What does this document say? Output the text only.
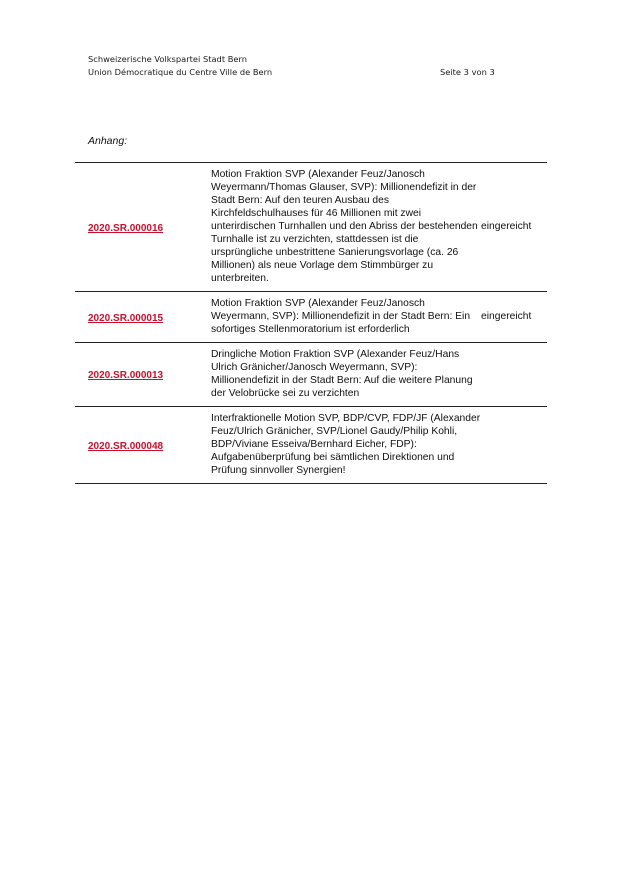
Schweizerische Volkspartei Stadt Bern
Union Démocratique du Centre Ville de Bern	Seite 3 von 3
Anhang:
2020.SR.000016	Motion Fraktion SVP (Alexander Feuz/Janosch Weyermann/Thomas Glauser, SVP): Millionendefizit in der Stadt Bern: Auf den teuren Ausbau des Kirchfeldschulhauses für 46 Millionen mit zwei unterirdischen Turnhallen und den Abriss der bestehenden Turnhalle ist zu verzichten, stattdessen ist die ursprüngliche unbestrittene Sanierungsvorlage (ca. 26 Millionen) als neue Vorlage dem Stimmbürger zu unterbreiten.	eingereicht
2020.SR.000015	Motion Fraktion SVP (Alexander Feuz/Janosch Weyermann, SVP): Millionendefizit in der Stadt Bern: Ein sofortiges Stellenmoratorium ist erforderlich	eingereicht
2020.SR.000013	Dringliche Motion Fraktion SVP (Alexander Feuz/Hans Ulrich Gränicher/Janosch Weyermann, SVP): Millionendefizit in der Stadt Bern: Auf die weitere Planung der Velobrücke sei zu verzichten	
2020.SR.000048	Interfraktionelle Motion SVP, BDP/CVP, FDP/JF (Alexander Feuz/Ulrich Gränicher, SVP/Lionel Gaudy/Philip Kohli, BDP/Viviane Esseiva/Bernhard Eicher, FDP): Aufgabenüberprüfung bei sämtlichen Direktionen und Prüfung sinnvoller Synergien!	
